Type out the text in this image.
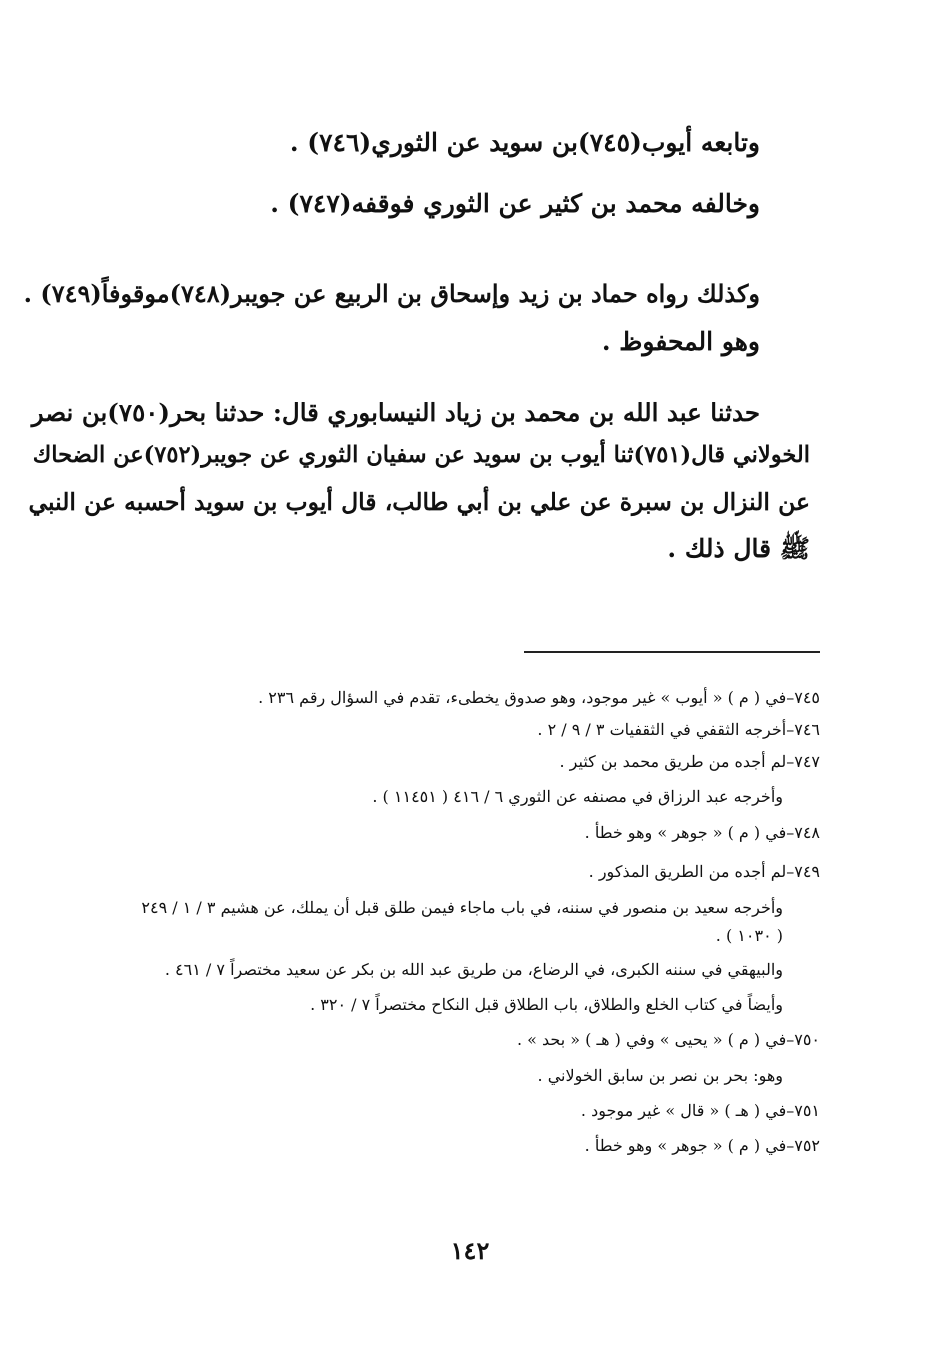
وتابعه أيوب(٧٤٥)بن سويد عن الثوري(٧٤٦) .
وخالفه محمد بن كثير عن الثوري فوقفه(٧٤٧) .
وكذلك رواه حماد بن زيد وإسحاق بن الربيع عن جويبر(٧٤٨)موقوفاً(٧٤٩) .
وهو المحفوظ .
حدثنا عبد الله بن محمد بن زياد النيسابوري قال: حدثنا بحر(٧٥٠)بن نصر
الخولاني قال(٧٥١)ثنا أيوب بن سويد عن سفيان الثوري عن جويبر(٧٥٢)عن الضحاك
عن النزال بن سبرة عن علي بن أبي طالب، قال أيوب بن سويد أحسبه عن النبي
ﷺ قال ذلك .
٧٤٥–في ( م ) « أيوب » غير موجود، وهو صدوق يخطىء، تقدم في السؤال رقم ٢٣٦ .
٧٤٦–أخرجه الثقفي في الثقفيات ٣ / ٩ / ٢ .
٧٤٧–لم أجده من طريق محمد بن كثير .
وأخرجه عبد الرزاق في مصنفه عن الثوري ٦ / ٤١٦ ( ١١٤٥١ ) .
٧٤٨–في ( م ) « جوهر » وهو خطأ .
٧٤٩–لم أجده من الطريق المذكور .
وأخرجه سعيد بن منصور في سننه، في باب ماجاء فيمن طلق قبل أن يملك، عن هشيم ٣ / ١ / ٢٤٩
( ١٠٣٠ ) .
والبيهقي في سننه الكبرى، في الرضاع، من طريق عبد الله بن بكر عن سعيد مختصراً ٧ / ٤٦١ .
وأيضاً في كتاب الخلع والطلاق، باب الطلاق قبل النكاح مختصراً ٧ / ٣٢٠ .
٧٥٠–في ( م ) « يحيى » وفي ( هـ ) « بحد » .
وهو: بحر بن نصر بن سابق الخولاني .
٧٥١–في ( هـ ) « قال » غير موجود .
٧٥٢–في ( م ) « جوهر » وهو خطأ .
١٤٢
